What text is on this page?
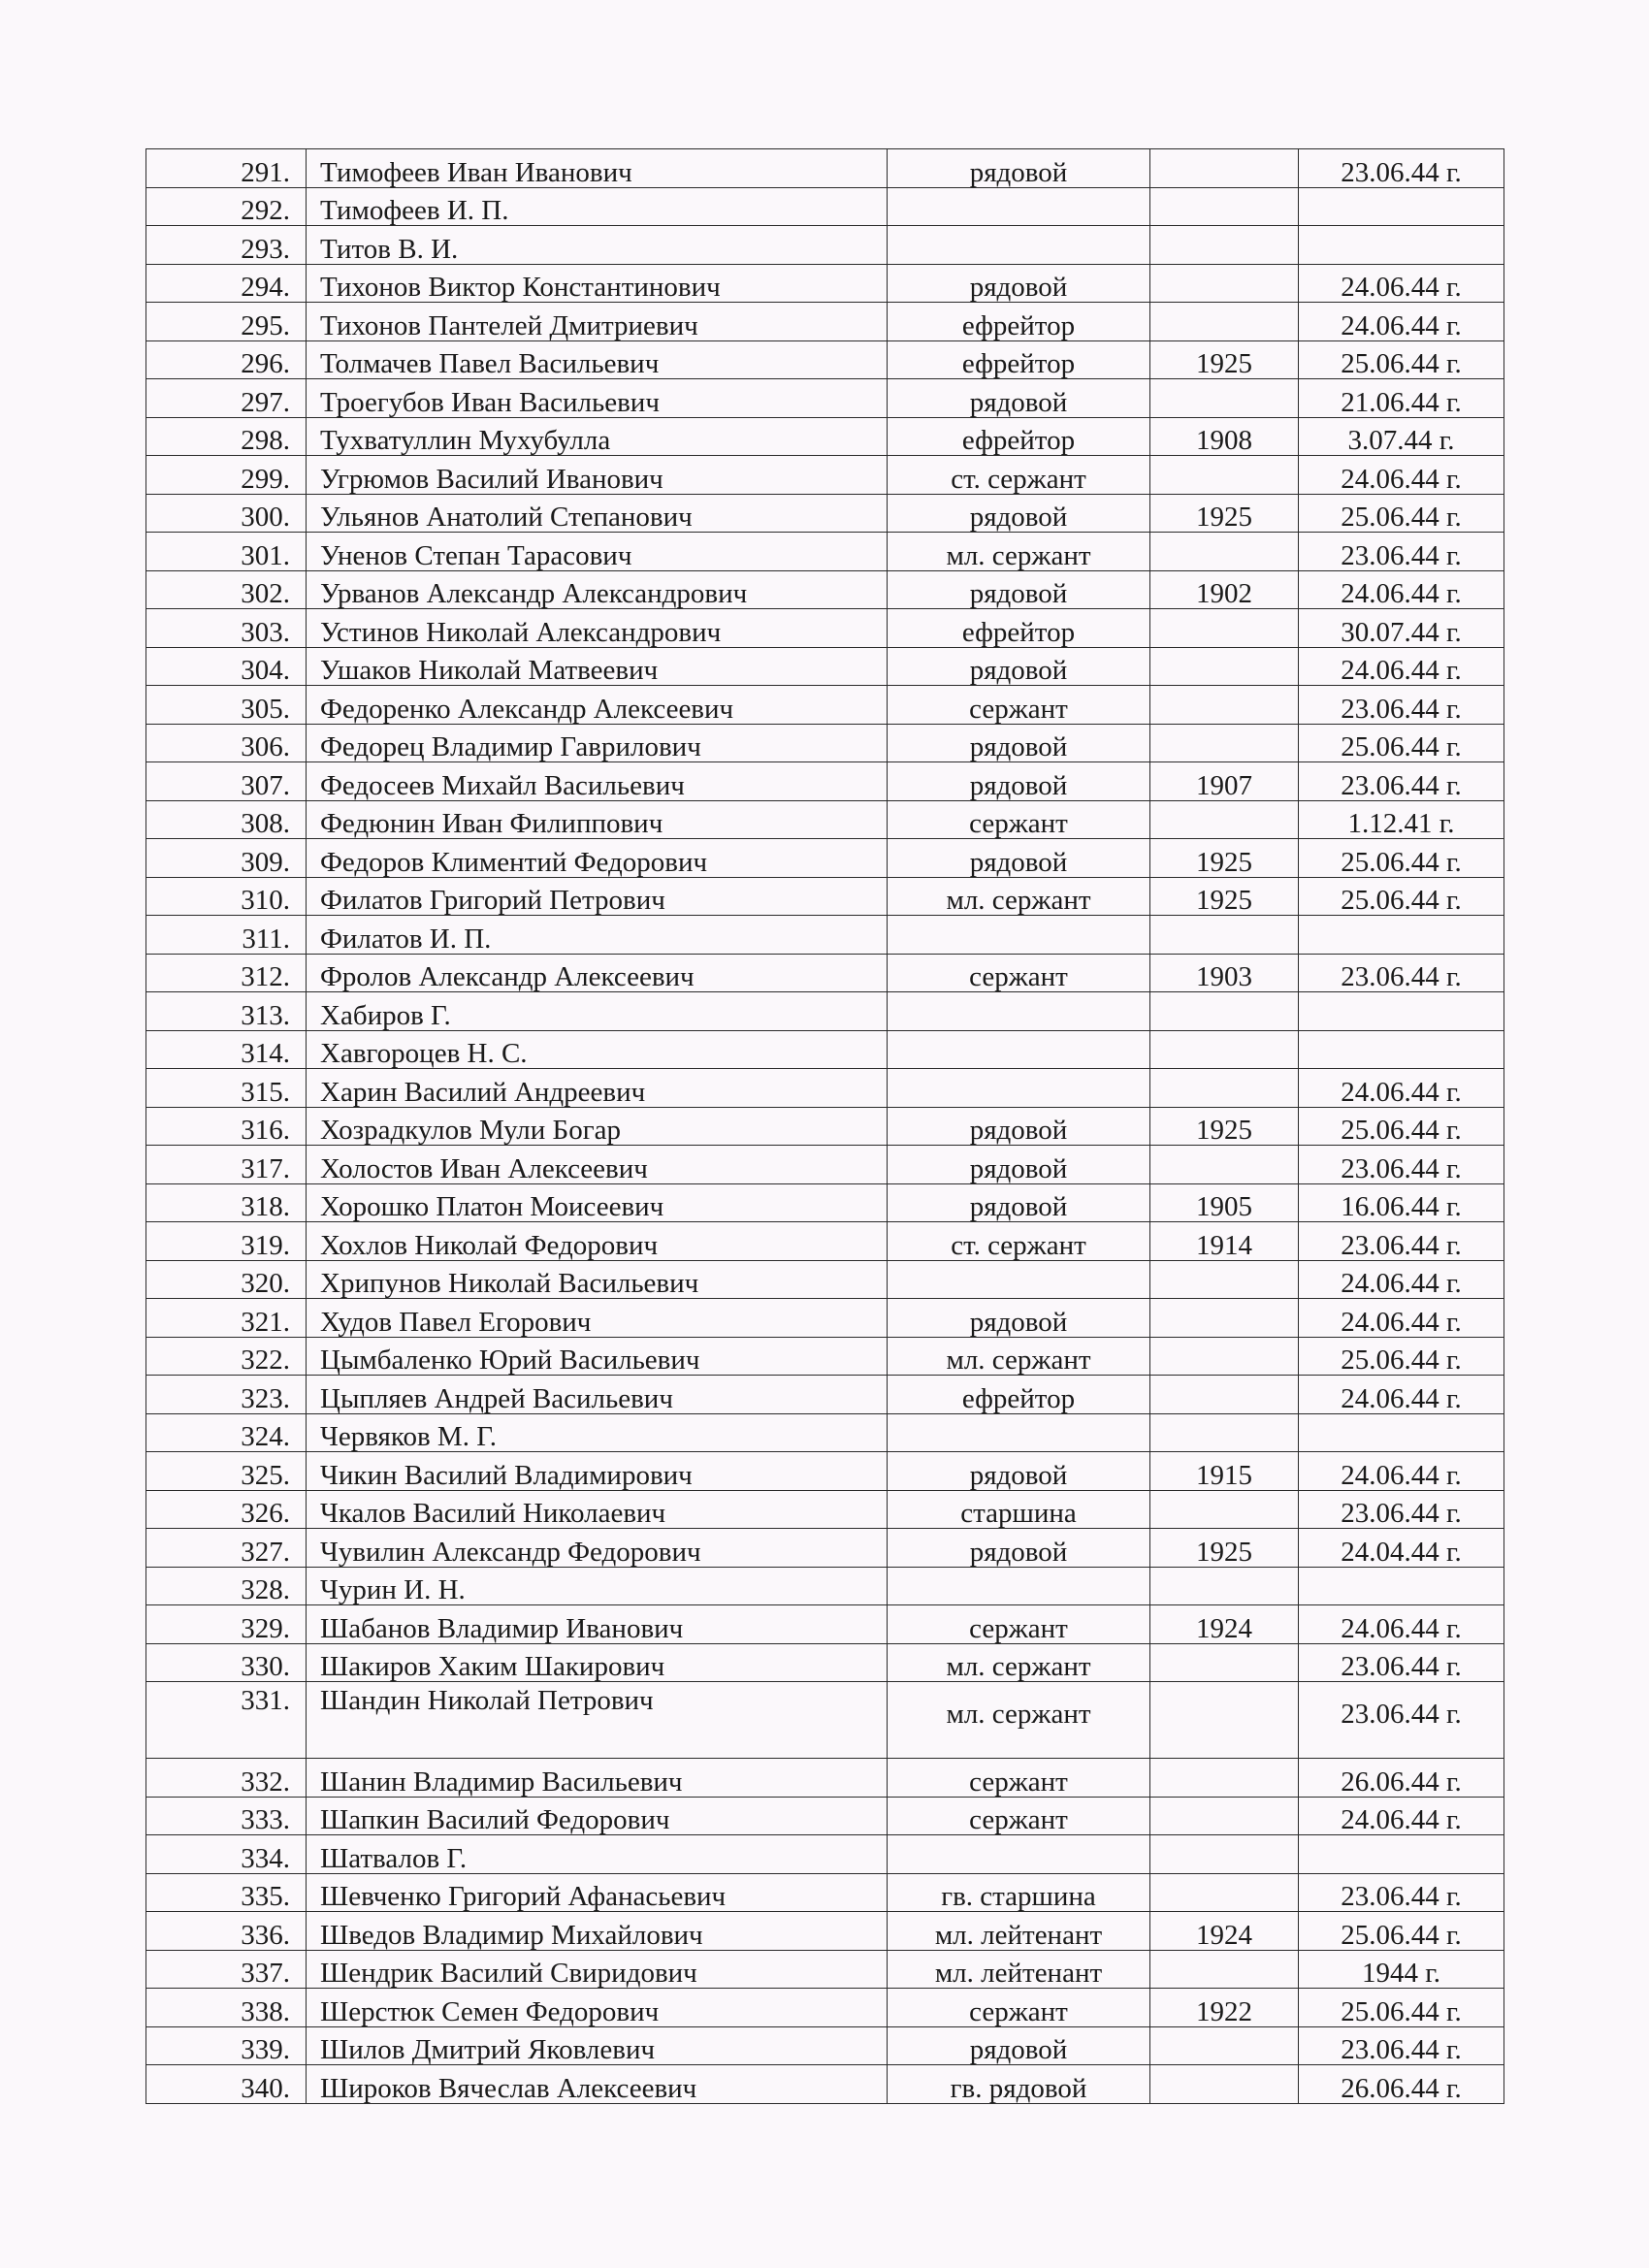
291.	Тимофеев Иван Иванович	рядовой		23.06.44 г.
292.	Тимофеев И. П.			
293.	Титов В. И.			
294.	Тихонов Виктор Константинович	рядовой		24.06.44 г.
295.	Тихонов Пантелей Дмитриевич	ефрейтор		24.06.44 г.
296.	Толмачев Павел Васильевич	ефрейтор	1925	25.06.44 г.
297.	Троегубов Иван Васильевич	рядовой		21.06.44 г.
298.	Тухватуллин Мухубулла	ефрейтор	1908	3.07.44 г.
299.	Угрюмов Василий Иванович	ст. сержант		24.06.44 г.
300.	Ульянов Анатолий Степанович	рядовой	1925	25.06.44 г.
301.	Уненов Степан Тарасович	мл. сержант		23.06.44 г.
302.	Урванов Александр Александрович	рядовой	1902	24.06.44 г.
303.	Устинов Николай Александрович	ефрейтор		30.07.44 г.
304.	Ушаков Николай Матвеевич	рядовой		24.06.44 г.
305.	Федоренко Александр Алексеевич	сержант		23.06.44 г.
306.	Федорец Владимир Гаврилович	рядовой		25.06.44 г.
307.	Федосеев Михайл Васильевич	рядовой	1907	23.06.44 г.
308.	Федюнин Иван Филиппович	сержант		1.12.41 г.
309.	Федоров Климентий Федорович	рядовой	1925	25.06.44 г.
310.	Филатов Григорий Петрович	мл. сержант	1925	25.06.44 г.
311.	Филатов И. П.			
312.	Фролов Александр Алексеевич	сержант	1903	23.06.44 г.
313.	Хабиров Г.			
314.	Хавгороцев Н. С.			
315.	Харин Василий Андреевич			24.06.44 г.
316.	Хозрадкулов Мули Богар	рядовой	1925	25.06.44 г.
317.	Холостов Иван Алексеевич	рядовой		23.06.44 г.
318.	Хорошко Платон Моисеевич	рядовой	1905	16.06.44 г.
319.	Хохлов Николай Федорович	ст. сержант	1914	23.06.44 г.
320.	Хрипунов Николай Васильевич			24.06.44 г.
321.	Худов Павел Егорович	рядовой		24.06.44 г.
322.	Цымбаленко Юрий Васильевич	мл. сержант		25.06.44 г.
323.	Цыпляев Андрей Васильевич	ефрейтор		24.06.44 г.
324.	Червяков М. Г.			
325.	Чикин Василий Владимирович	рядовой	1915	24.06.44 г.
326.	Чкалов Василий Николаевич	старшина		23.06.44 г.
327.	Чувилин Александр Федорович	рядовой	1925	24.04.44 г.
328.	Чурин И. Н.			
329.	Шабанов Владимир Иванович	сержант	1924	24.06.44 г.
330.	Шакиров Хаким Шакирович	мл. сержант		23.06.44 г.
331.	Шандин Николай Петрович	мл. сержант		23.06.44 г.
332.	Шанин Владимир Васильевич	сержант		26.06.44 г.
333.	Шапкин Василий Федорович	сержант		24.06.44 г.
334.	Шатвалов Г.			
335.	Шевченко Григорий Афанасьевич	гв. старшина		23.06.44 г.
336.	Шведов Владимир Михайлович	мл. лейтенант	1924	25.06.44 г.
337.	Шендрик Василий Свиридович	мл. лейтенант		1944 г.
338.	Шерстюк Семен Федорович	сержант	1922	25.06.44 г.
339.	Шилов Дмитрий Яковлевич	рядовой		23.06.44 г.
340.	Широков Вячеслав Алексеевич	гв. рядовой		26.06.44 г.
